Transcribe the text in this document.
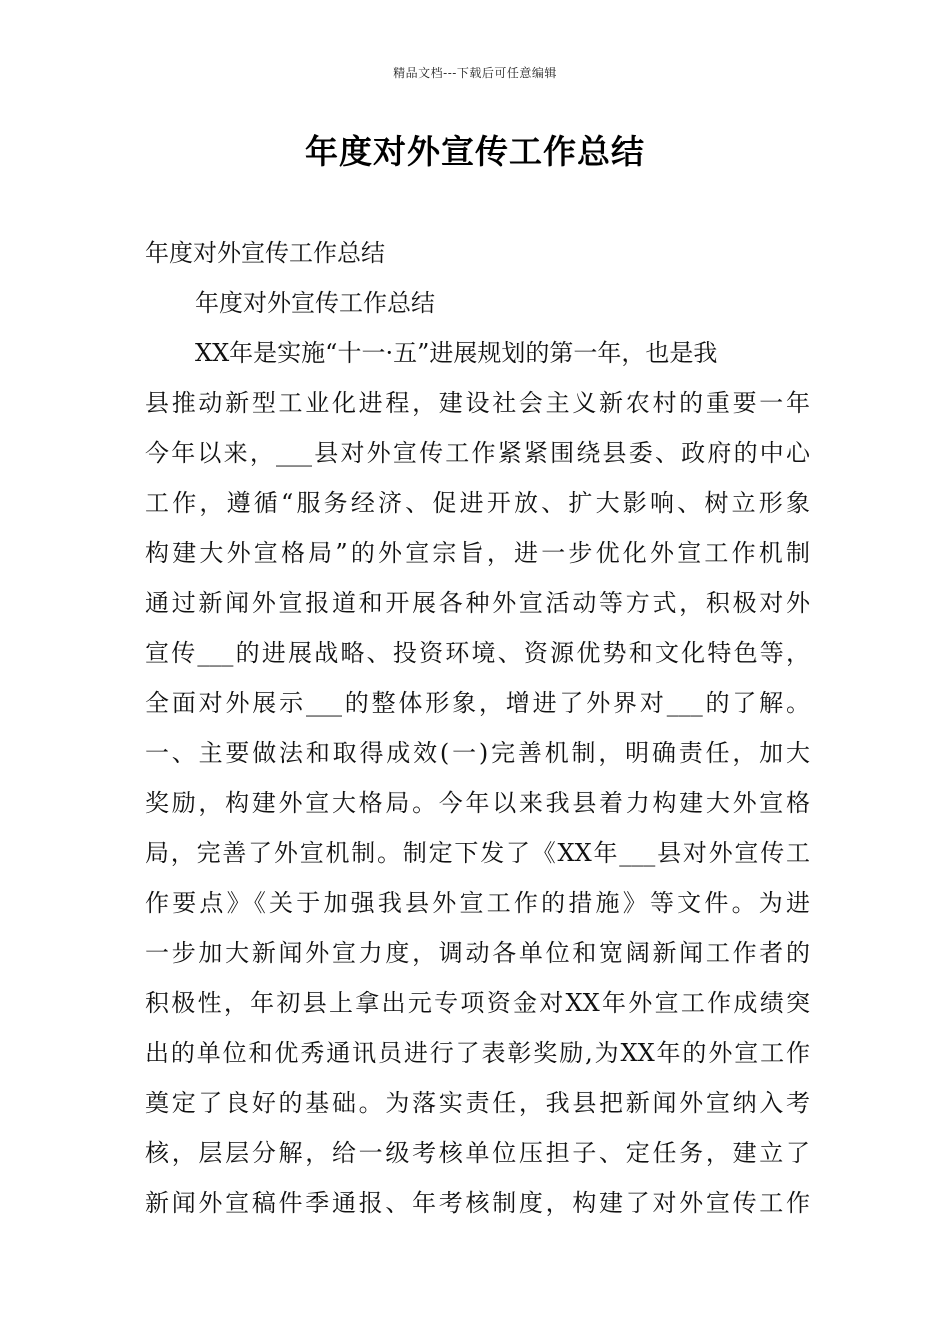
精品文档---下载后可任意编辑
年度对外宣传工作总结
年度对外宣传工作总结
年度对外宣传工作总结
XX年是实施“十一·五”进展规划的第一年，也是我
县推动新型工业化进程，建设社会主义新农村的重要一年
今年以来，___县对外宣传工作紧紧围绕县委、政府的中心
工作，遵循“服务经济、促进开放、扩大影响、树立形象
构建大外宣格局”的外宣宗旨，进一步优化外宣工作机制
通过新闻外宣报道和开展各种外宣活动等方式，积极对外
宣传___的进展战略、投资环境、资源优势和文化特色等，
全面对外展示___的整体形象，增进了外界对___的了解。
一、主要做法和取得成效(一)完善机制，明确责任，加大
奖励，构建外宣大格局。今年以来我县着力构建大外宣格
局，完善了外宣机制。制定下发了《XX年___县对外宣传工
作要点》《关于加强我县外宣工作的措施》等文件。为进
一步加大新闻外宣力度，调动各单位和宽阔新闻工作者的
积极性，年初县上拿出元专项资金对XX年外宣工作成绩突
出的单位和优秀通讯员进行了表彰奖励,为XX年的外宣工作
奠定了良好的基础。为落实责任，我县把新闻外宣纳入考
核，层层分解，给一级考核单位压担子、定任务，建立了
新闻外宣稿件季通报、年考核制度，构建了对外宣传工作
